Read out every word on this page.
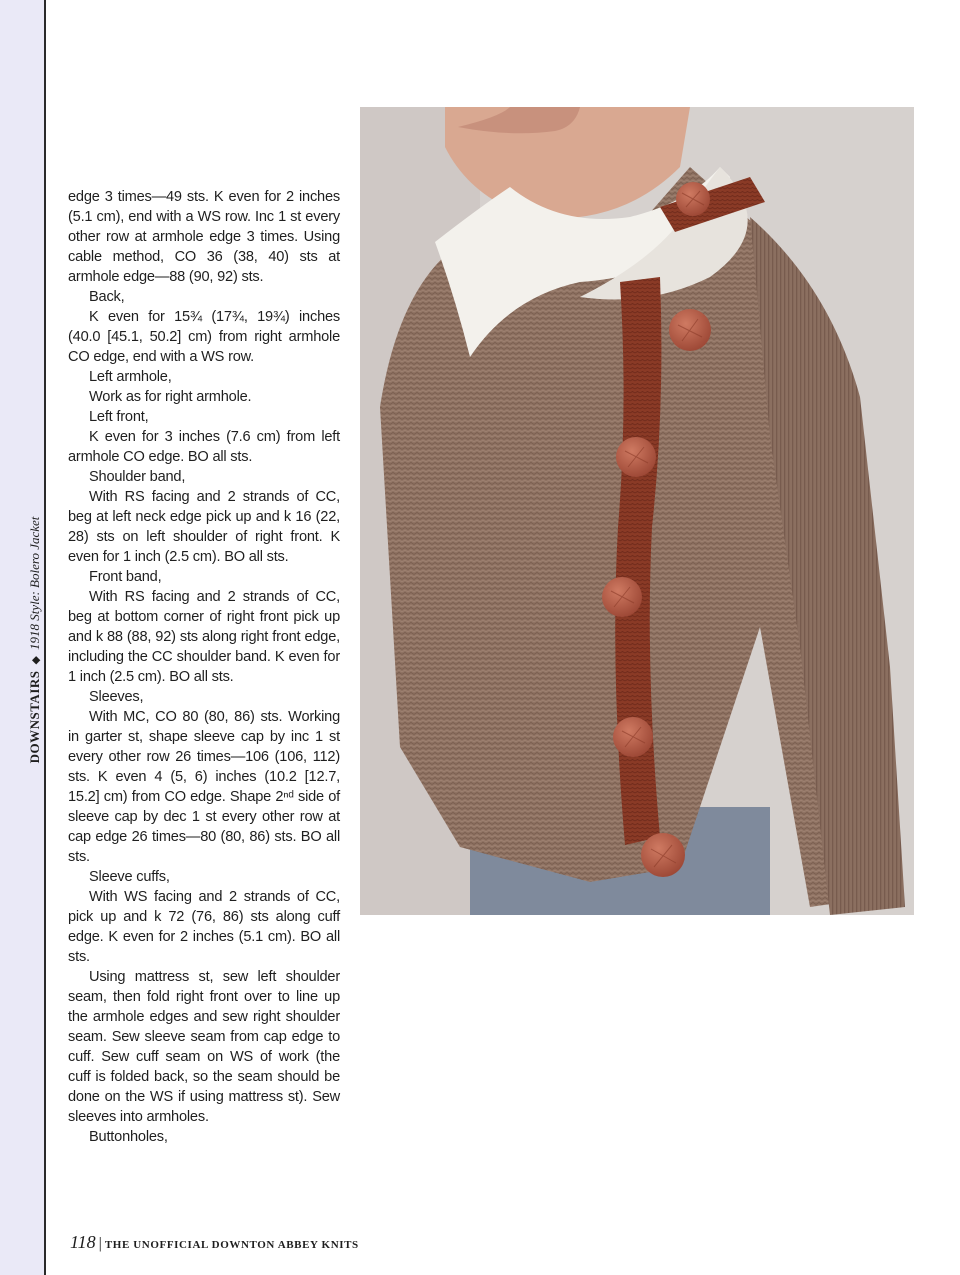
DOWNSTAIRS◆1918 Style: Bolero Jacket

edge 3 times—49 sts. K even for 2 inches (5.1 cm), end with a WS row. Inc 1 st every other row at armhole edge 3 times. Using cable method, CO 36 (38, 40) sts at armhole edge—88 (90, 92) sts.

Back,

K even for 15¾ (17¾, 19¾) inches (40.0 [45.1, 50.2] cm) from right armhole CO edge, end with a WS row.

Left armhole,

Work as for right armhole.

Left front,

K even for 3 inches (7.6 cm) from left armhole CO edge. BO all sts.

Shoulder band,

With RS facing and 2 strands of CC, beg at left neck edge pick up and k 16 (22, 28) sts on left shoulder of right front. K even for 1 inch (2.5 cm). BO all sts.

Front band,

With RS facing and 2 strands of CC, beg at bottom corner of right front pick up and k 88 (88, 92) sts along right front edge, including the CC shoulder band. K even for 1 inch (2.5 cm). BO all sts.

Sleeves,

With MC, CO 80 (80, 86) sts. Working in garter st, shape sleeve cap by inc 1 st every other row 26 times—106 (106, 112) sts. K even 4 (5, 6) inches (10.2 [12.7, 15.2] cm) from CO edge. Shape 2ⁿᵈ side of sleeve cap by dec 1 st every other row at cap edge 26 times—80 (80, 86) sts. BO all sts.

Sleeve cuffs,

With WS facing and 2 strands of CC, pick up and k 72 (76, 86) sts along cuff edge. K even for 2 inches (5.1 cm). BO all sts.

Using mattress st, sew left shoulder seam, then fold right front over to line up the armhole edges and sew right shoulder seam. Sew sleeve seam from cap edge to cuff. Sew cuff seam on WS of work (the cuff is folded back, so the seam should be done on the WS if using mattress st). Sew sleeves into armholes.

Buttonholes,

118 | THE UNOFFICIAL DOWNTON ABBEY KNITS
